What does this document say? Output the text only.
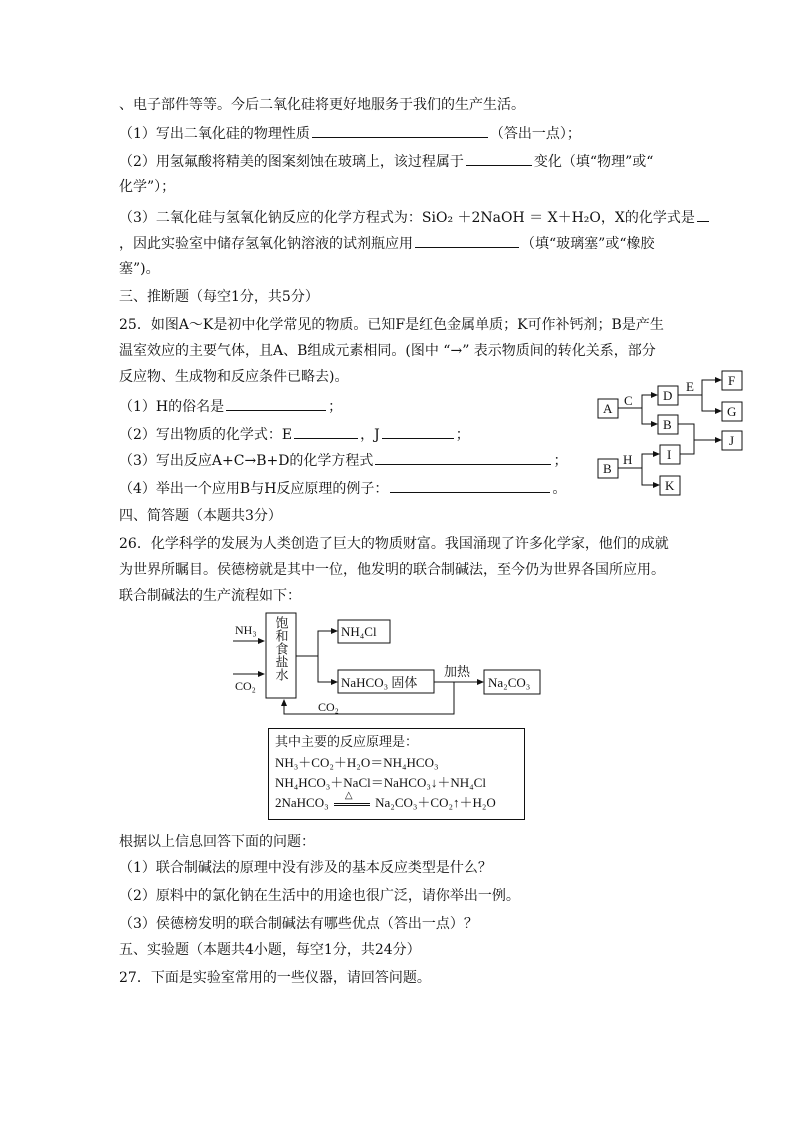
、电子部件等等。今后二氧化硅将更好地服务于我们的生产生活。
（1）写出二氧化硅的物理性质	（答出一点）；
（2）用氢氟酸将精美的图案刻蚀在玻璃上，该过程属于	变化（填“物理”或“
化学”）；
（3）二氧化硅与氢氧化钠反应的化学方程式为：SiO₂ ＋2NaOH ＝ X＋H₂O，X的化学式是
，因此实验室中储存氢氧化钠溶液的试剂瓶应用	（填“玻璃塞”或“橡胶
塞”)。
三、推断题（每空1分，共5分）
25．如图A～K是初中化学常见的物质。已知F是红色金属单质；K可作补钙剂；B是产生
温室效应的主要气体，且A、B组成元素相同。(图中 “→” 表示物质间的转化关系，部分
反应物、生成物和反应条件已略去)。
（1）H的俗名是	；
（2）写出物质的化学式：E	，J	；
（3）写出反应A+C→B+D的化学方程式	；
（4）举出一个应用B与H反应原理的例子：	。
四、简答题（本题共3分）
26．化学科学的发展为人类创造了巨大的物质财富。我国涌现了许多化学家，他们的成就
为世界所瞩目。侯德榜就是其中一位，他发明的联合制碱法，至今仍为世界各国所应用。
联合制碱法的生产流程如下：
根据以上信息回答下面的问题：
（1）联合制碱法的原理中没有涉及的基本反应类型是什么？
（2）原料中的氯化钠在生活中的用途也很广泛，请你举出一例。
（3）侯德榜发明的联合制碱法有哪些优点（答出一点）？
五、实验题（本题共4小题，每空1分，共24分）
27．下面是实验室常用的一些仪器，请回答问题。
A
C D
B
E	F
G
J
B
H	I
K
NH₃
CO₂
饱和食盐水	NH₄Cl
NaHCO₃ 固体
加热
Na₂CO₃
CO₂
其中主要的反应原理是：
NH₃＋CO₂＋H₂O＝NH₄HCO₃
NH₄HCO₃＋NaCl＝NaHCO₃↓＋NH₄Cl
2NaHCO₃ △ Na₂CO₃＋CO₂↑＋H₂O
